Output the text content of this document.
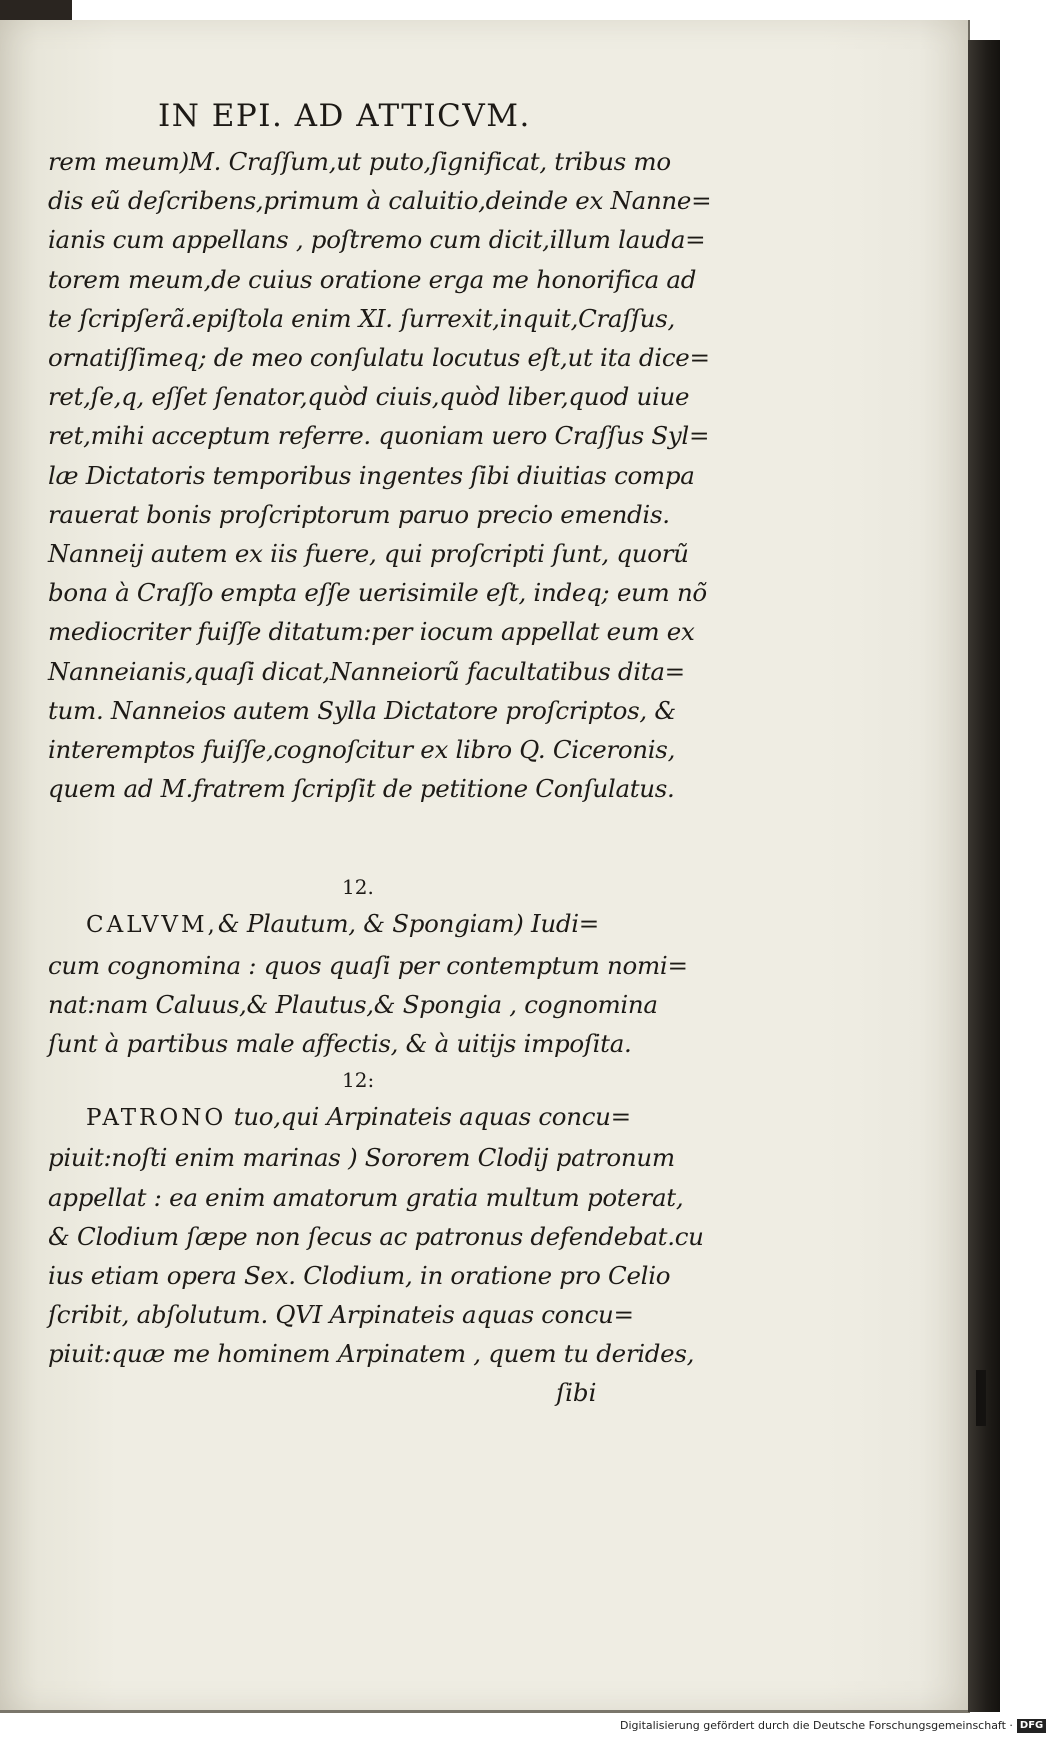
IN EPI. AD ATTICVM.
rem meum)M. Craſſum,ut puto,ſignificat, tribus mo
dis eũ deſcribens,primum à caluitio,deinde ex Nanne=
ianis cum appellans , poſtremo cum dicit,illum lauda=
torem meum,de cuius oratione erga me honorifica ad
te ſcripſerã.epiſtola enim XI. ſurrexit,inquit,Craſſus,
ornatiſſimeq; de meo conſulatu locutus eſt,ut ita dice=
ret,ſe,q, eſſet ſenator,quòd ciuis,quòd liber,quod uiue
ret,mihi acceptum referre. quoniam uero Craſſus Syl=
læ Dictatoris temporibus ingentes ſibi diuitias compa
rauerat bonis proſcriptorum paruo precio emendis.
Nanneij autem ex iis fuere, qui proſcripti ſunt, quorũ
bona à Craſſo empta eſſe uerisimile eſt, indeq; eum nõ
mediocriter fuiſſe ditatum:per iocum appellat eum ex
Nanneianis,quaſi dicat,Nanneiorũ facultatibus dita=
tum. Nanneios autem Sylla Dictatore proſcriptos, &
interemptos fuiſſe,cognoſcitur ex libro Q. Ciceronis,
quem ad M.fratrem ſcripſit de petitione Conſulatus.
12.
CALVVM,& Plautum, & Spongiam) Iudi=
cum cognomina : quos quaſi per contemptum nomi=
nat:nam Caluus,& Plautus,& Spongia , cognomina
ſunt à partibus male affectis, & à uitijs impoſita.
12:
PATRONO tuo,qui Arpinateis aquas concu=
piuit:noſti enim marinas ) Sororem Clodij patronum
appellat : ea enim amatorum gratia multum poterat,
& Clodium ſæpe non ſecus ac patronus defendebat.cu
ius etiam opera Sex. Clodium, in oratione pro Celio
ſcribit, abſolutum. QVI Arpinateis aquas concu=
piuit:quæ me hominem Arpinatem , quem tu derides,
ſibi
Digitalisierung gefördert durch die Deutsche Forschungsgemeinschaft · DFG
